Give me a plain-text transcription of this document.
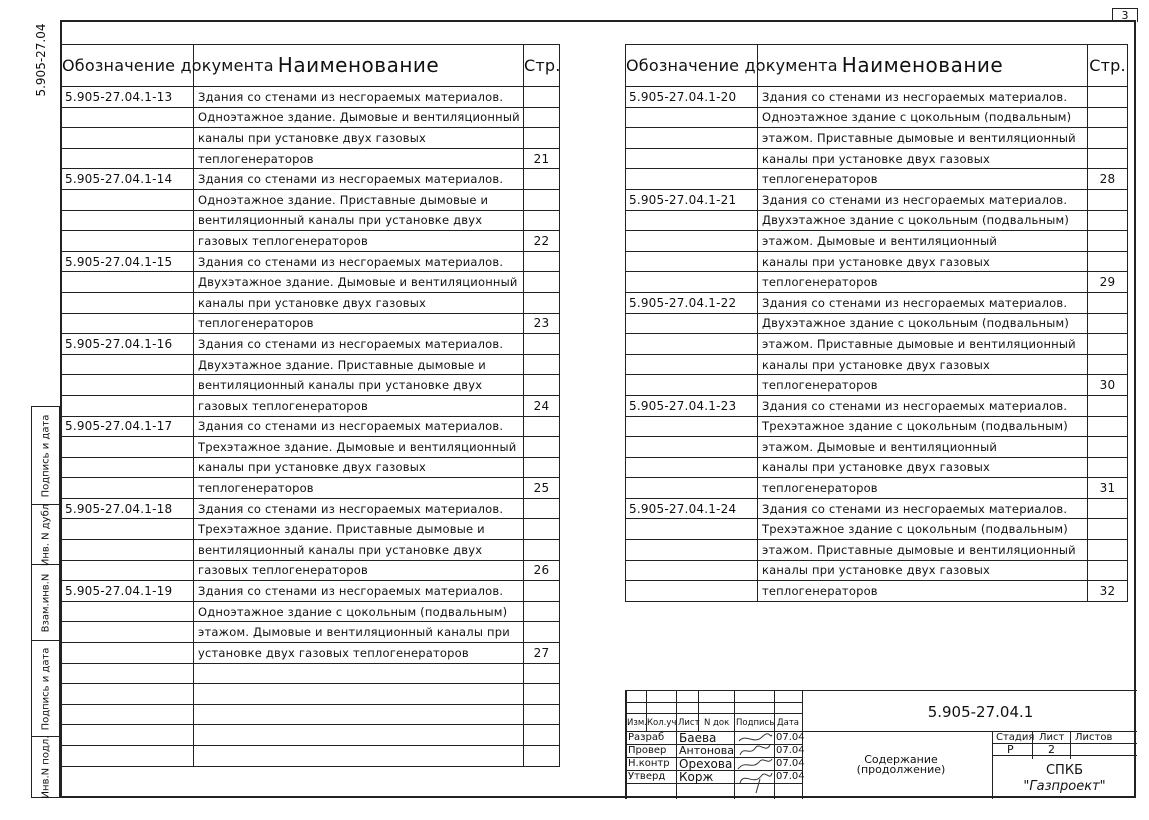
3
5.905-27.04
Подпись и дата
Инв. N дубл
Взам.инв.N
Подпись и дата
Инв.N подл.
Обозначение документа	Наименование	Стр.
5.905-27.04.1-13	Здания со стенами из несгораемых материалов.	
	Одноэтажное здание. Дымовые и вентиляционный	
	каналы при установке двух газовых	
	теплогенераторов	21
5.905-27.04.1-14	Здания со стенами из несгораемых материалов.	
	Одноэтажное здание. Приставные дымовые и	
	вентиляционный каналы при установке двух	
	газовых теплогенераторов	22
5.905-27.04.1-15	Здания со стенами из несгораемых материалов.	
	Двухэтажное здание. Дымовые и вентиляционный	
	каналы при установке двух газовых	
	теплогенераторов	23
5.905-27.04.1-16	Здания со стенами из несгораемых материалов.	
	Двухэтажное здание. Приставные дымовые и	
	вентиляционный каналы при установке двух	
	газовых теплогенераторов	24
5.905-27.04.1-17	Здания со стенами из несгораемых материалов.	
	Трехэтажное здание. Дымовые и вентиляционный	
	каналы при установке двух газовых	
	теплогенераторов	25
5.905-27.04.1-18	Здания со стенами из несгораемых материалов.	
	Трехэтажное здание. Приставные дымовые и	
	вентиляционный каналы при установке двух	
	газовых теплогенераторов	26
5.905-27.04.1-19	Здания со стенами из несгораемых материалов.	
	Одноэтажное здание с цокольным (подвальным)	
	этажом. Дымовые и вентиляционный каналы при	
	установке двух газовых теплогенераторов	27

Обозначение документа	Наименование	Стр.
5.905-27.04.1-20	Здания со стенами из несгораемых материалов.	
	Одноэтажное здание с цокольным (подвальным)	
	этажом. Приставные дымовые и вентиляционный	
	каналы при установке двух газовых	
	теплогенераторов	28
5.905-27.04.1-21	Здания со стенами из несгораемых материалов.	
	Двухэтажное здание с цокольным (подвальным)	
	этажом. Дымовые и вентиляционный	
	каналы при установке двух газовых	
	теплогенераторов	29
5.905-27.04.1-22	Здания со стенами из несгораемых материалов.	
	Двухэтажное здание с цокольным (подвальным)	
	этажом. Приставные дымовые и вентиляционный	
	каналы при установке двух газовых	
	теплогенераторов	30
5.905-27.04.1-23	Здания со стенами из несгораемых материалов.	
	Трехэтажное здание с цокольным (подвальным)	
	этажом. Дымовые и вентиляционный	
	каналы при установке двух газовых	
	теплогенераторов	31
5.905-27.04.1-24	Здания со стенами из несгораемых материалов.	
	Трехэтажное здание с цокольным (подвальным)	
	этажом. Приставные дымовые и вентиляционный	
	каналы при установке двух газовых	
	теплогенераторов	32
5.905-27.04.1
Изм. Кол.уч Лист N док Подпись Дата
Разраб Баева	07.04
Провер Антонова	07.04
Н.контр Орехова	07.04
Утверд Корж	07.04
Содержание (продолжение)
Стадия Лист Листов
Р	2
СПКБ
"Газпроект"
